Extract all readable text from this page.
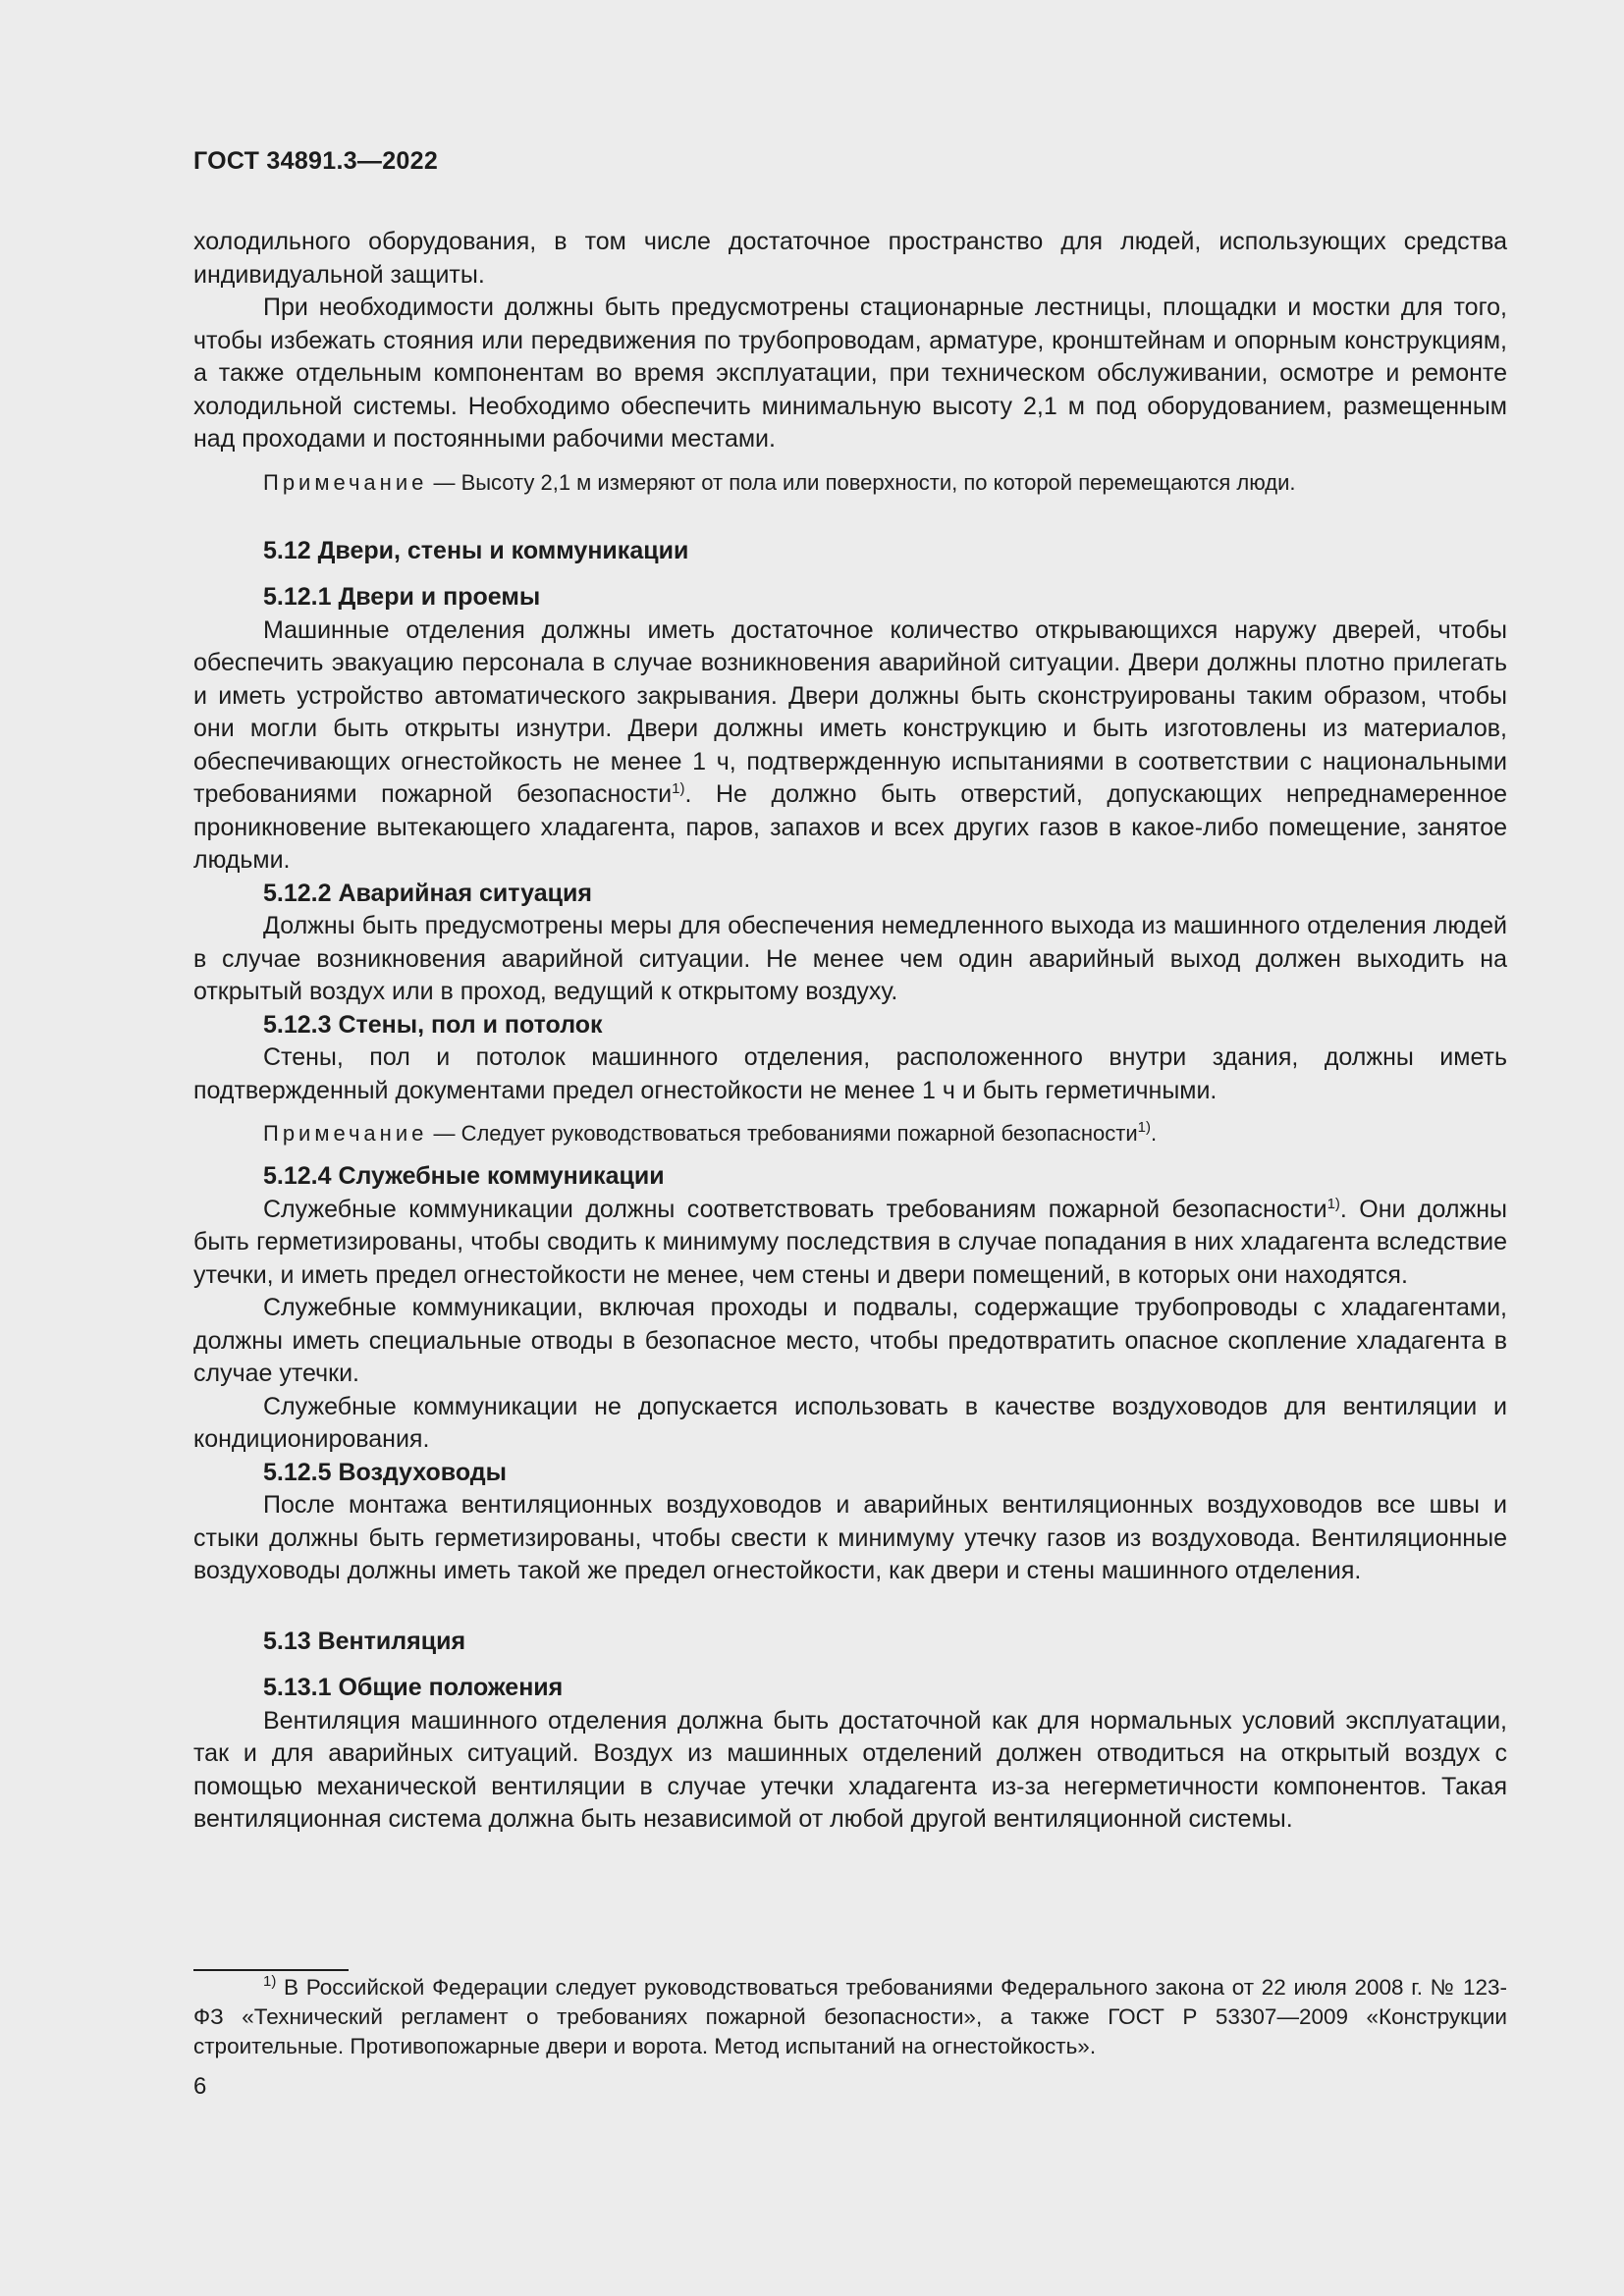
ГОСТ 34891.3—2022

холодильного оборудования, в том числе достаточное пространство для людей, использующих средства индивидуальной защиты.

При необходимости должны быть предусмотрены стационарные лестницы, площадки и мостки для того, чтобы избежать стояния или передвижения по трубопроводам, арматуре, кронштейнам и опорным конструкциям, а также отдельным компонентам во время эксплуатации, при техническом обслуживании, осмотре и ремонте холодильной системы. Необходимо обеспечить минимальную высоту 2,1 м под оборудованием, размещенным над проходами и постоянными рабочими местами.

Примечание — Высоту 2,1 м измеряют от пола или поверхности, по которой перемещаются люди.

5.12 Двери, стены и коммуникации

5.12.1 Двери и проемы

Машинные отделения должны иметь достаточное количество открывающихся наружу дверей, чтобы обеспечить эвакуацию персонала в случае возникновения аварийной ситуации. Двери должны плотно прилегать и иметь устройство автоматического закрывания. Двери должны быть сконструированы таким образом, чтобы они могли быть открыты изнутри. Двери должны иметь конструкцию и быть изготовлены из материалов, обеспечивающих огнестойкость не менее 1 ч, подтвержденную испытаниями в соответствии с национальными требованиями пожарной безопасности$^{1)}$. Не должно быть отверстий, допускающих непреднамеренное проникновение вытекающего хладагента, паров, запахов и всех других газов в какое-либо помещение, занятое людьми.

5.12.2 Аварийная ситуация

Должны быть предусмотрены меры для обеспечения немедленного выхода из машинного отделения людей в случае возникновения аварийной ситуации. Не менее чем один аварийный выход должен выходить на открытый воздух или в проход, ведущий к открытому воздуху.

5.12.3 Стены, пол и потолок

Стены, пол и потолок машинного отделения, расположенного внутри здания, должны иметь подтвержденный документами предел огнестойкости не менее 1 ч и быть герметичными.

Примечание — Следует руководствоваться требованиями пожарной безопасности$^{1)}$.

5.12.4 Служебные коммуникации

Служебные коммуникации должны соответствовать требованиям пожарной безопасности$^{1)}$. Они должны быть герметизированы, чтобы сводить к минимуму последствия в случае попадания в них хладагента вследствие утечки, и иметь предел огнестойкости не менее, чем стены и двери помещений, в которых они находятся.

Служебные коммуникации, включая проходы и подвалы, содержащие трубопроводы с хладагентами, должны иметь специальные отводы в безопасное место, чтобы предотвратить опасное скопление хладагента в случае утечки.

Служебные коммуникации не допускается использовать в качестве воздуховодов для вентиляции и кондиционирования.

5.12.5 Воздуховоды

После монтажа вентиляционных воздуховодов и аварийных вентиляционных воздуховодов все швы и стыки должны быть герметизированы, чтобы свести к минимуму утечку газов из воздуховода. Вентиляционные воздуховоды должны иметь такой же предел огнестойкости, как двери и стены машинного отделения.

5.13 Вентиляция

5.13.1 Общие положения

Вентиляция машинного отделения должна быть достаточной как для нормальных условий эксплуатации, так и для аварийных ситуаций. Воздух из машинных отделений должен отводиться на открытый воздух с помощью механической вентиляции в случае утечки хладагента из-за негерметичности компонентов. Такая вентиляционная система должна быть независимой от любой другой вентиляционной системы.

$^{1)}$ В Российской Федерации следует руководствоваться требованиями Федерального закона от 22 июля 2008 г. № 123-ФЗ «Технический регламент о требованиях пожарной безопасности», а также ГОСТ Р 53307—2009 «Конструкции строительные. Противопожарные двери и ворота. Метод испытаний на огнестойкость».

6
